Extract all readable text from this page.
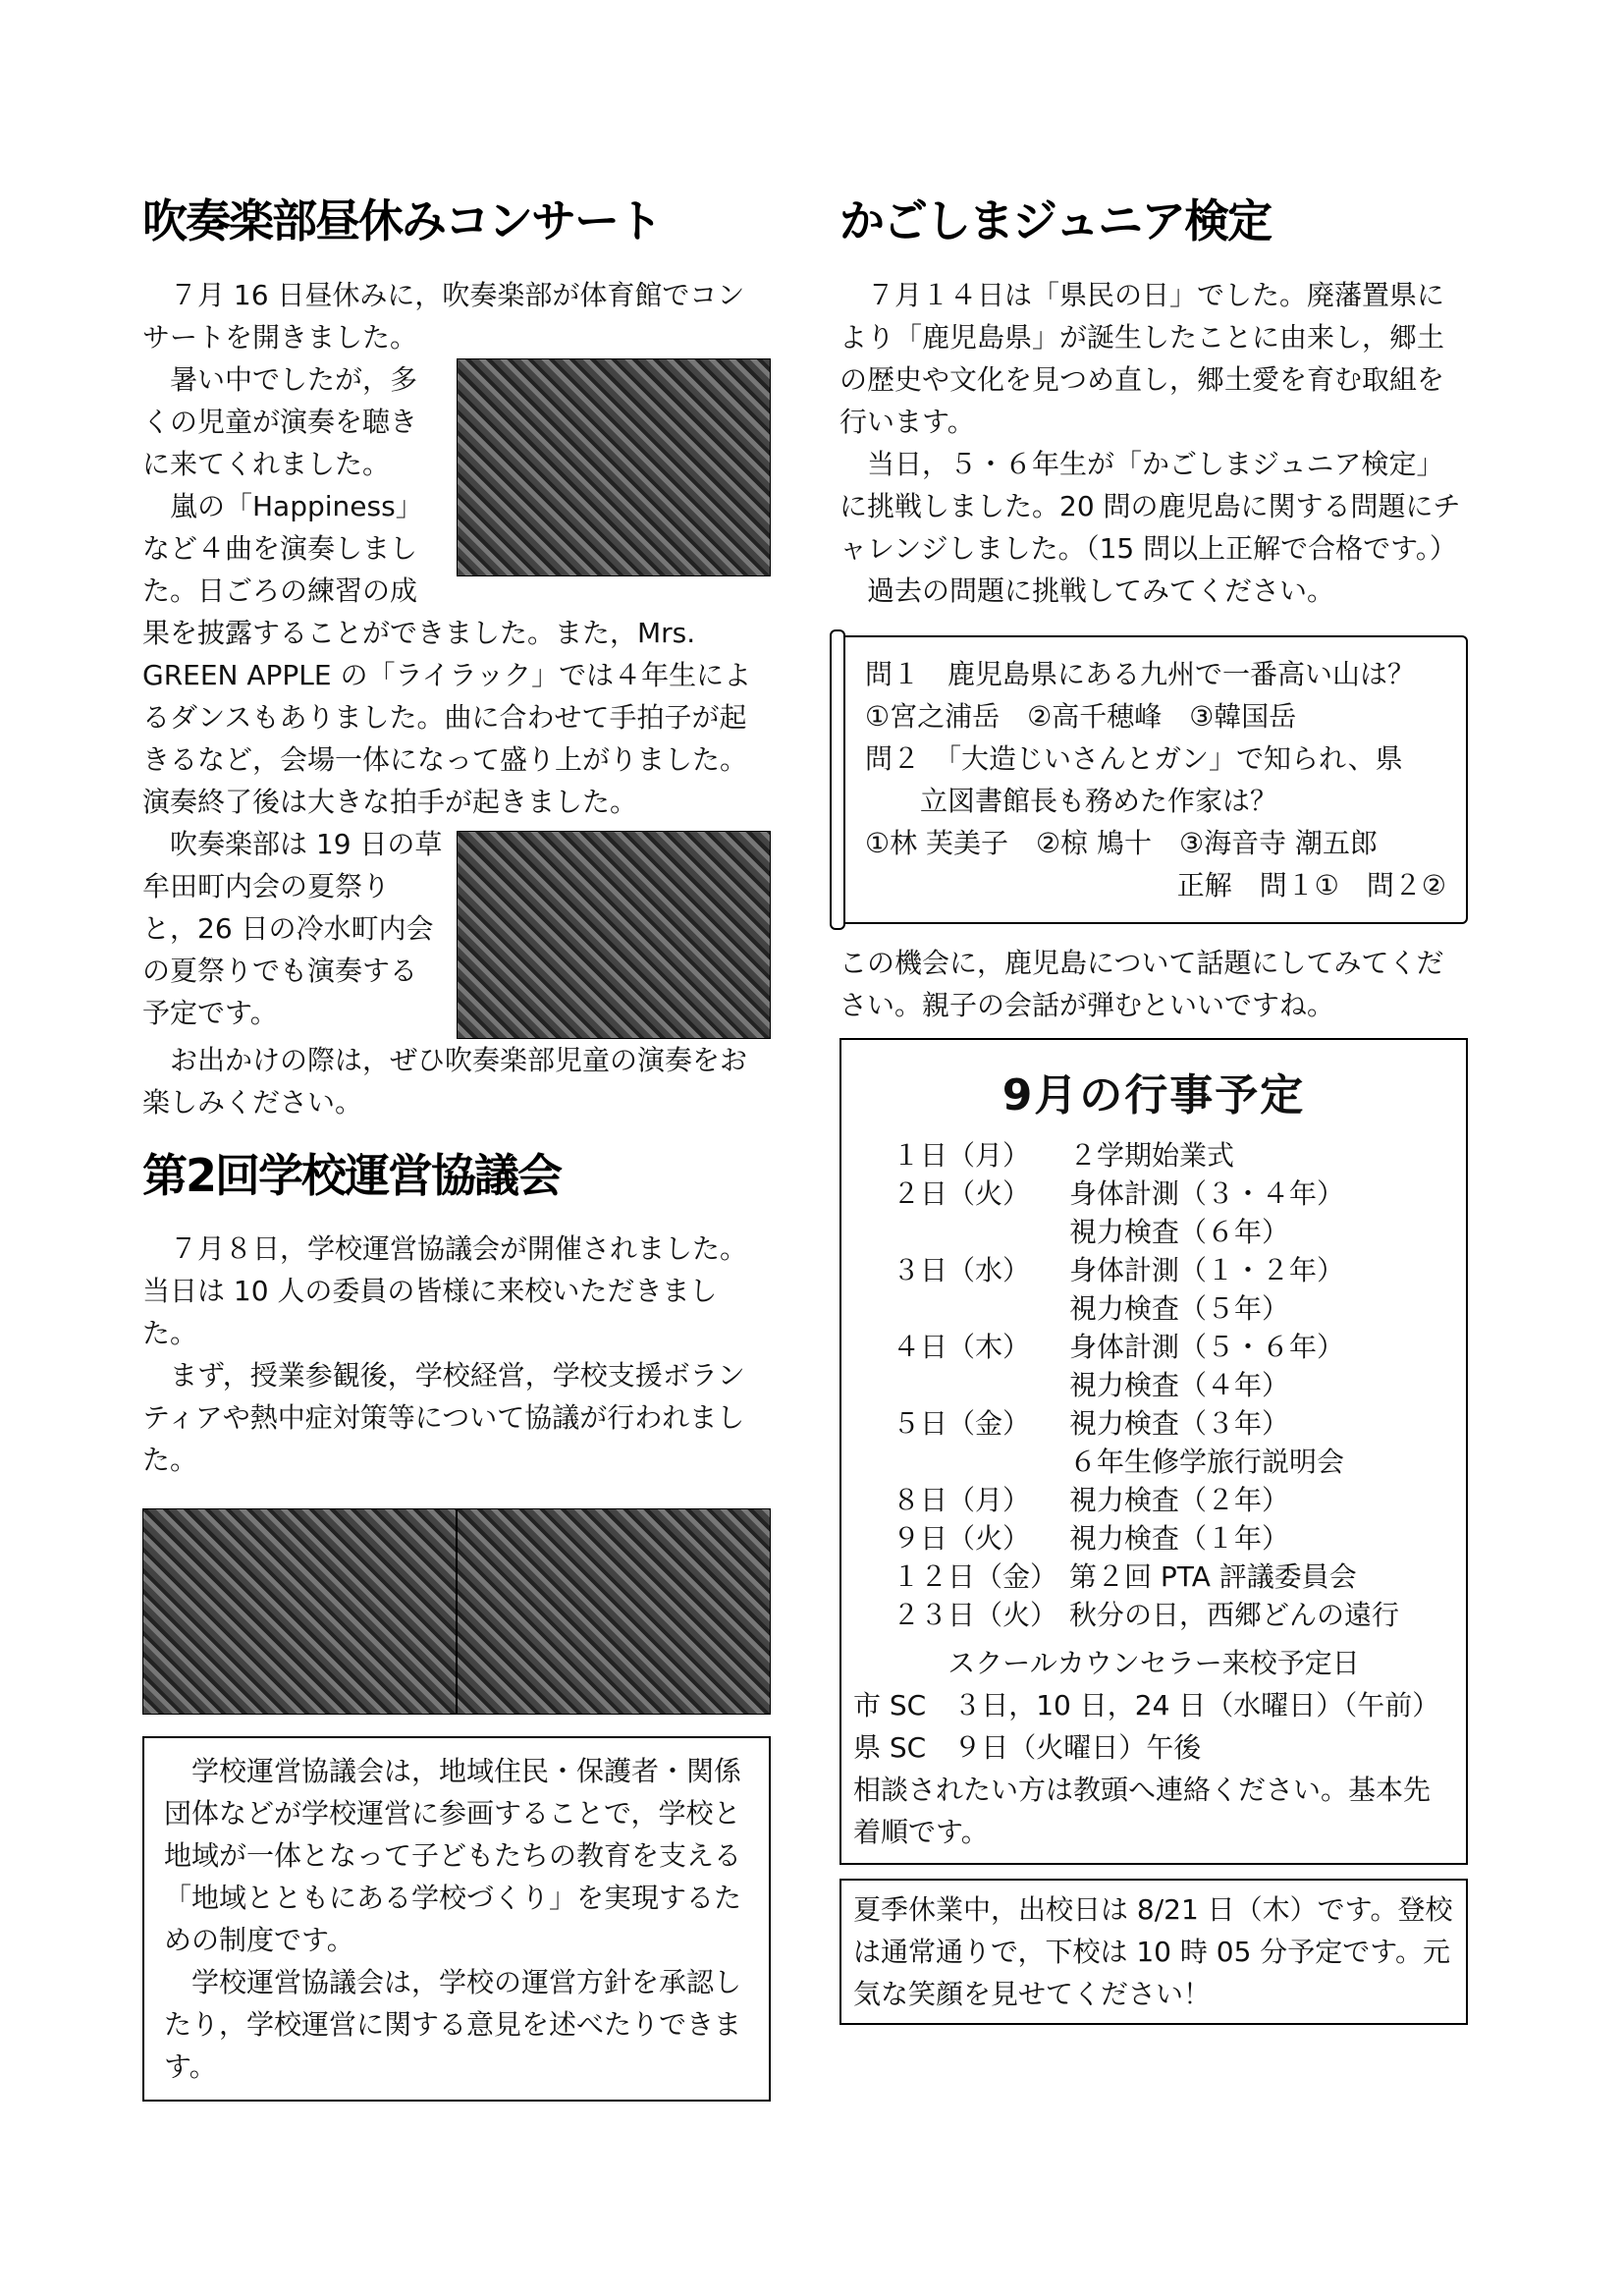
吹奏楽部昼休みコンサート

７月 16 日昼休みに，吹奏楽部が体育館でコンサートを開きました。

暑い中でしたが，多くの児童が演奏を聴きに来てくれました。

嵐の「Happiness」など４曲を演奏しました。日ごろの練習の成果を披露することができました。また，Mrs. GREEN APPLE の「ライラック」では４年生によるダンスもありました。曲に合わせて手拍子が起きるなど，会場一体になって盛り上がりました。演奏終了後は大きな拍手が起きました。

吹奏楽部は 19 日の草牟田町内会の夏祭りと，26 日の冷水町内会の夏祭りでも演奏する予定です。

お出かけの際は，ぜひ吹奏楽部児童の演奏をお楽しみください。

第2回学校運営協議会

７月８日，学校運営協議会が開催されました。当日は 10 人の委員の皆様に来校いただきました。

まず，授業参観後，学校経営，学校支援ボランティアや熱中症対策等について協議が行われました。

学校運営協議会は，地域住民・保護者・関係団体などが学校運営に参画することで，学校と地域が一体となって子どもたちの教育を支える「地域とともにある学校づくり」を実現するための制度です。

学校運営協議会は，学校の運営方針を承認したり，学校運営に関する意見を述べたりできます。

かごしまジュニア検定

７月１４日は「県民の日」でした。廃藩置県により「鹿児島県」が誕生したことに由来し，郷土の歴史や文化を見つめ直し，郷土愛を育む取組を行います。

当日，５・６年生が「かごしまジュニア検定」に挑戦しました。20 問の鹿児島に関する問題にチャレンジしました。（15 問以上正解で合格です。）

過去の問題に挑戦してみてください。

問１　鹿児島県にある九州で一番高い山は？
①宮之浦岳　②高千穂峰　③韓国岳
問２　「大造じいさんとガン」で知られ、県
立図書館長も務めた作家は？
①林 芙美子　②椋 鳩十　③海音寺 潮五郎
正解　問１①　問２②
この機会に，鹿児島について話題にしてみてください。親子の会話が弾むといいですね。
9月の行事予定
１日（月）	２学期始業式
２日（火）	身体計測（３・４年）
視力検査（６年）
３日（水）	身体計測（１・２年）
視力検査（５年）
４日（木）	身体計測（５・６年）
視力検査（４年）
５日（金）	視力検査（３年）
６年生修学旅行説明会
８日（月）	視力検査（２年）
９日（火）	視力検査（１年）
１２日（金） 第２回 PTA 評議委員会
２３日（火） 秋分の日，西郷どんの遠行
スクールカウンセラー来校予定日
市 SC　３日，10 日，24 日（水曜日）（午前）
県 SC　９日（火曜日）午後
相談されたい方は教頭へ連絡ください。基本先着順です。
夏季休業中，出校日は 8/21 日（木）です。登校は通常通りで，下校は 10 時 05 分予定です。元気な笑顔を見せてください！
